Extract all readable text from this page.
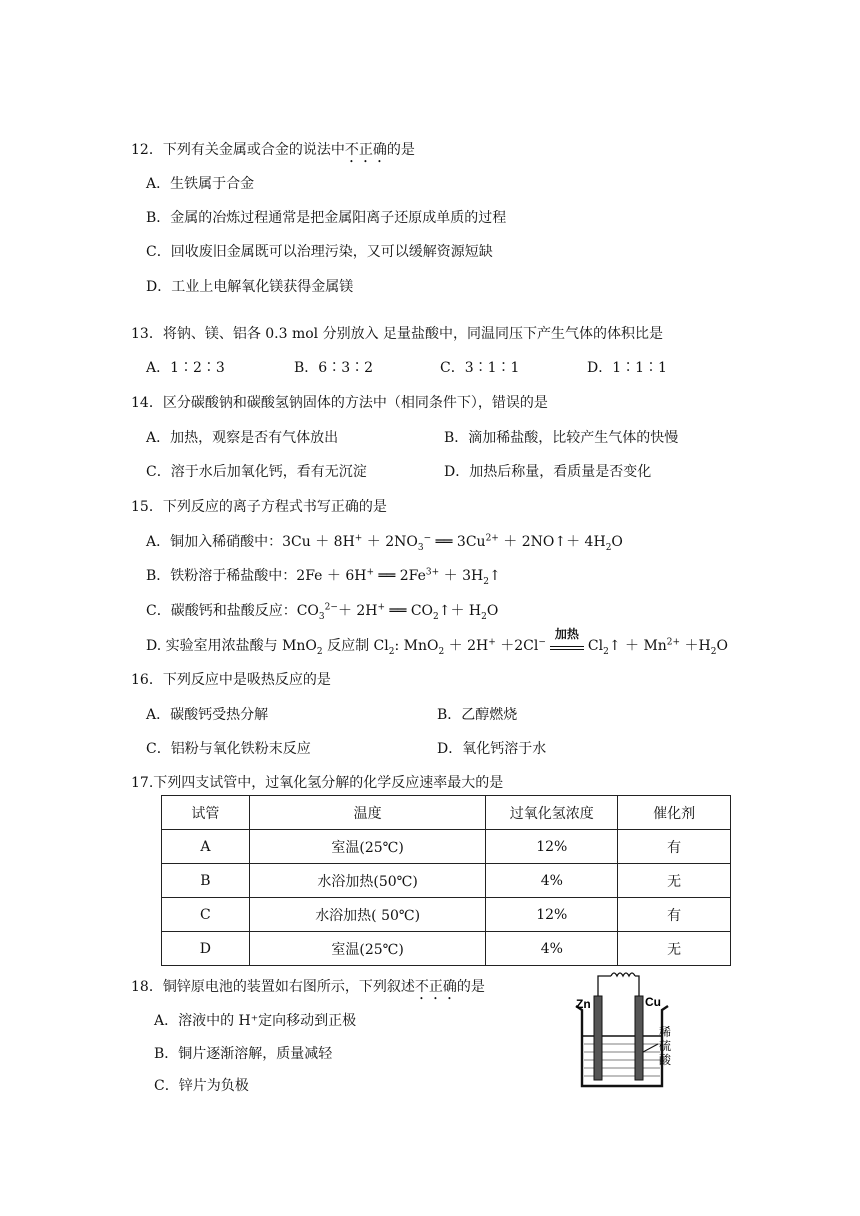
12．下列有关金属或合金的说法中不正确的是
A．生铁属于合金
B．金属的冶炼过程通常是把金属阳离子还原成单质的过程
C．回收废旧金属既可以治理污染，又可以缓解资源短缺
D．工业上电解氧化镁获得金属镁
13．将钠、镁、铝各 0.3 mol 分别放入 足量盐酸中，同温同压下产生气体的体积比是
A．1∶2∶3	B．6∶3∶2	C．3∶1∶1	D．1∶1∶1
14．区分碳酸钠和碳酸氢钠固体的方法中（相同条件下），错误的是
A．加热，观察是否有气体放出	B．滴加稀盐酸，比较产生气体的快慢
C．溶于水后加氧化钙，看有无沉淀	D．加热后称量，看质量是否变化
15．下列反应的离子方程式书写正确的是
A．铜加入稀硝酸中：$3Cu + 8H^+ + 2NO_3^-$ ══ $3Cu^{2+}$ ＋ 2NO↑＋ $4H_2O$
B．铁粉溶于稀盐酸中：2Fe ＋ 6H+ ══ $2Fe^{3+}$ ＋ $3H_2↑$
C．碳酸钙和盐酸反应：$CO_3^{2-}+ 2H^+$ ══ $CO_2↑+ H_2O$
D. 实验室用浓盐酸与 MnO$_2$ 反应制 $Cl_2$: MnO$_2$ ＋ 2H+ ＋2Cl−
加热
$Cl_2↑ + Mn^{2+} +H_2O$
16．下列反应中是吸热反应的是
A．碳酸钙受热分解	B．乙醇燃烧
C．铝粉与氧化铁粉末反应	D．氧化钙溶于水
17.下列四支试管中，过氧化氢分解的化学反应速率最大的是
试管	温度	过氧化氢浓度	催化剂
A	室温(25℃)	12%	有
B	水浴加热(50℃)	4%	无
C	水浴加热( 50℃)	12%	有
D	室温(25℃)	4%	无
18．铜锌原电池的装置如右图所示，下列叙述不正确的是
A．溶液中的 H⁺定向移动到正极
B．铜片逐渐溶解，质量减轻
C．锌片为负极
Zn	Cu
稀
硫
酸
